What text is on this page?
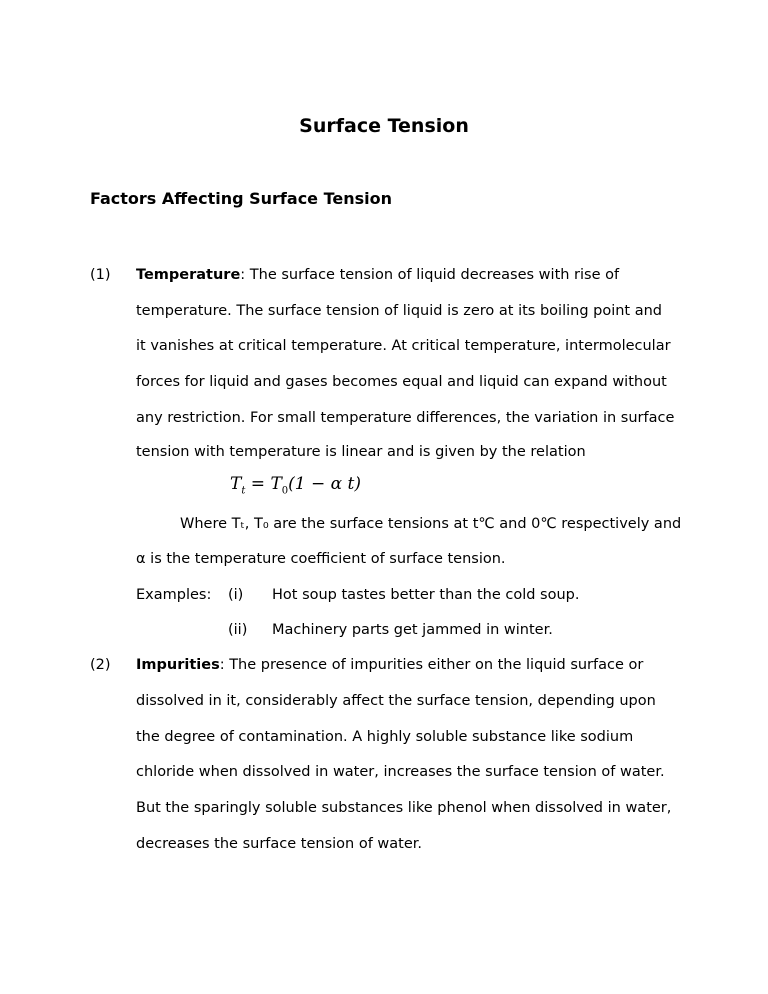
Surface Tension
Factors Affecting Surface Tension
(1) Temperature: The surface tension of liquid decreases with rise of
temperature. The surface tension of liquid is zero at its boiling point and
it vanishes at critical temperature. At critical temperature, intermolecular
forces for liquid and gases becomes equal and liquid can expand without
any restriction. For small temperature differences, the variation in surface
tension with temperature is linear and is given by the relation
$T_t = T_0(1 - \alpha$ t)
Where Tₜ, T₀ are the surface tensions at t℃ and 0℃ respectively and
α is the temperature coefficient of surface tension.
Examples: (i) Hot soup tastes better than the cold soup.
(ii) Machinery parts get jammed in winter.
(2) Impurities: The presence of impurities either on the liquid surface or
dissolved in it, considerably affect the surface tension, depending upon
the degree of contamination. A highly soluble substance like sodium
chloride when dissolved in water, increases the surface tension of water.
But the sparingly soluble substances like phenol when dissolved in water,
decreases the surface tension of water.
